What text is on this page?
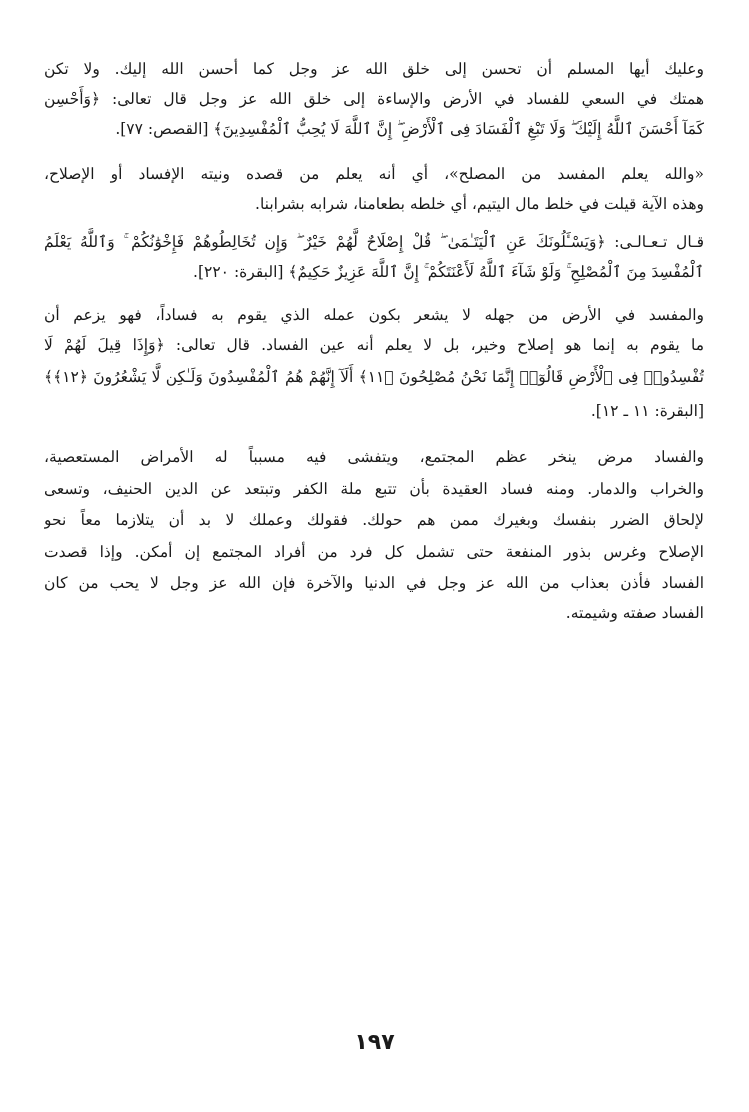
وعليك أيها المسلم أن تحسن إلى خلق الله عز وجل كما أحسن الله إليك. ولا تكن
همتك في السعي للفساد في الأرض والإساءة إلى خلق الله عز وجل قال تعالى: ﴿وَأَحْسِن
كَمَآ أَحْسَنَ ٱللَّهُ إِلَيْكَ ۖ وَلَا تَبْغِ ٱلْفَسَادَ فِى ٱلْأَرْضِ ۖ إِنَّ ٱللَّهَ لَا يُحِبُّ ٱلْمُفْسِدِينَ﴾ [القصص: ٧٧].
«والله يعلم المفسد من المصلح»، أي أنه يعلم من قصده ونيته الإفساد أو الإصلاح،
وهذه الآية قيلت في خلط مال اليتيم، أي خلطه بطعامنا، شرابه بشرابنا.
قـال تـعـالـى: ﴿وَيَسْـَٔلُونَكَ عَنِ ٱلْيَتَـٰمَىٰ ۖ قُلْ إِصْلَاحٌ لَّهُمْ خَيْرٌ ۖ وَإِن تُخَالِطُوهُمْ فَإِخْوَٰنُكُمْ ۚ وَٱللَّهُ يَعْلَمُ
ٱلْمُفْسِدَ مِنَ ٱلْمُصْلِحِ ۚ وَلَوْ شَآءَ ٱللَّهُ لَأَعْنَتَكُمْ ۚ إِنَّ ٱللَّهَ عَزِيزٌ حَكِيمٌ﴾ [البقرة: ٢٢٠].
والمفسد في الأرض من جهله لا يشعر بكون عمله الذي يقوم به فساداً، فهو يزعم أن
ما يقوم به إنما هو إصلاح وخير، بل لا يعلم أنه عين الفساد. قال تعالى: ﴿وَإِذَا قِيلَ لَهُمْ لَا
تُفْسِدُوا۟ فِى ٱلْأَرْضِ قَالُوٓا۟ إِنَّمَا نَحْنُ مُصْلِحُونَ ﴿١١﴾ أَلَآ إِنَّهُمْ هُمُ ٱلْمُفْسِدُونَ وَلَـٰكِن لَّا يَشْعُرُونَ ﴿١٢﴾﴾
[البقرة: ١١ ـ ١٢].
والفساد مرض ينخر عظم المجتمع، ويتفشى فيه مسبباً له الأمراض المستعصية،
والخراب والدمار. ومنه فساد العقيدة بأن تتبع ملة الكفر وتبتعد عن الدين الحنيف، وتسعى
لإلحاق الضرر بنفسك وبغيرك ممن هم حولك. فقولك وعملك لا بد أن يتلازما معاً نحو
الإصلاح وغرس بذور المنفعة حتى تشمل كل فرد من أفراد المجتمع إن أمكن. وإذا قصدت
الفساد فأذن بعذاب من الله عز وجل في الدنيا والآخرة فإن الله عز وجل لا يحب من كان
الفساد صفته وشيمته.
١٩٧
